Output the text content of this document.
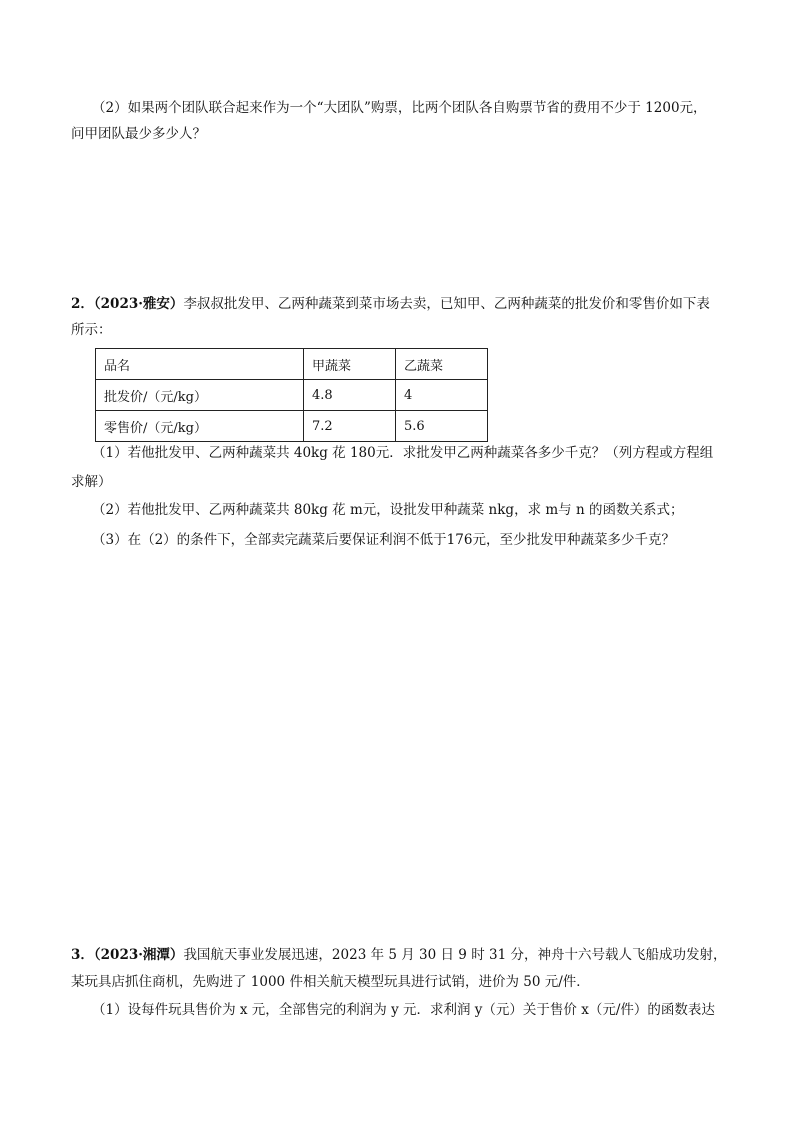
（2）如果两个团队联合起来作为一个“大团队”购票，比两个团队各自购票节省的费用不少于 1200元，
问甲团队最少多少人？
2．（2023·雅安）李叔叔批发甲、乙两种蔬菜到菜市场去卖，已知甲、乙两种蔬菜的批发价和零售价如下表
所示：
品名	甲蔬菜	乙蔬菜
批发价/（元/kg）	4.8	4
零售价/（元/kg）	7.2	5.6
（1）若他批发甲、乙两种蔬菜共 40kg 花 180元．求批发甲乙两种蔬菜各多少千克？（列方程或方程组
求解）
（2）若他批发甲、乙两种蔬菜共 80kg 花 m元，设批发甲种蔬菜 nkg，求 m与 n 的函数关系式；
（3）在（2）的条件下，全部卖完蔬菜后要保证利润不低于176元，至少批发甲种蔬菜多少千克？
3．（2023·湘潭）我国航天事业发展迅速，2023 年 5 月 30 日 9 时 31 分，神舟十六号载人飞船成功发射，
某玩具店抓住商机，先购进了 1000 件相关航天模型玩具进行试销，进价为 50 元/件．
（1）设每件玩具售价为 x 元，全部售完的利润为 y 元．求利润 y（元）关于售价 x（元/件）的函数表达
